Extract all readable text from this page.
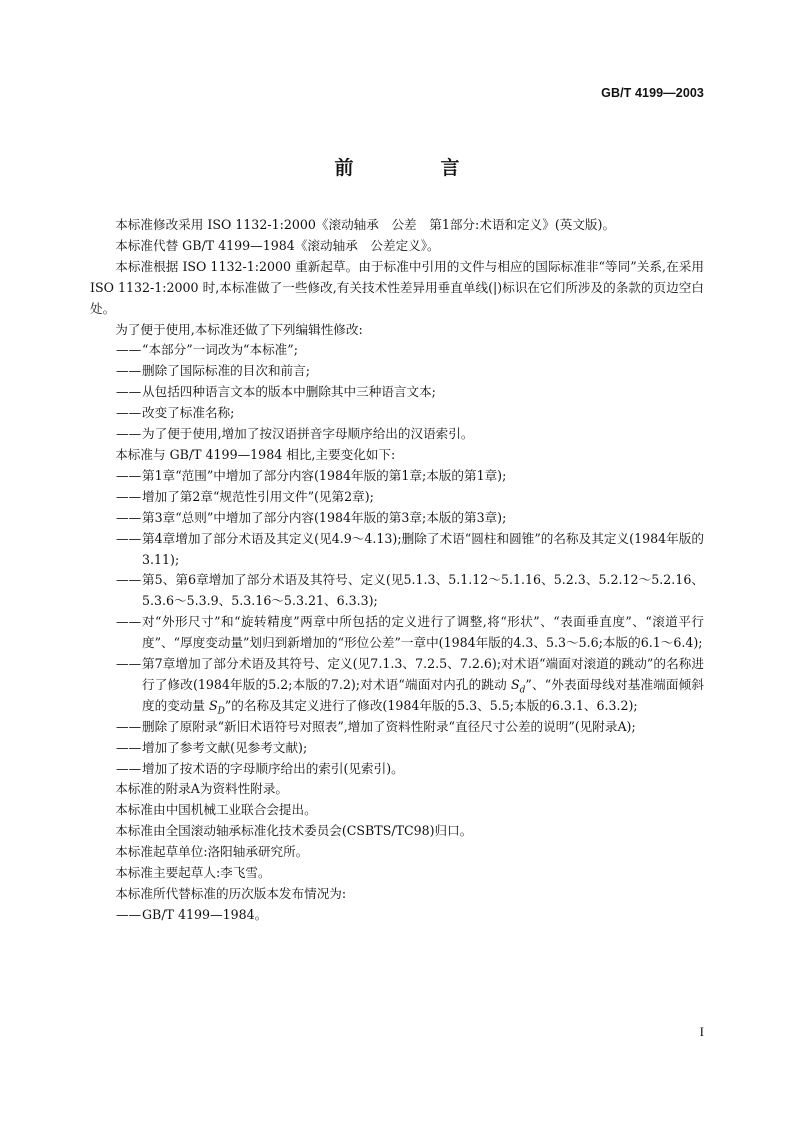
GB/T 4199—2003
前　言
本标准修改采用 ISO 1132-1:2000《滚动轴承　公差　第1部分:术语和定义》(英文版)。
本标准代替 GB/T 4199—1984《滚动轴承　公差定义》。
本标准根据 ISO 1132-1:2000 重新起草。由于标准中引用的文件与相应的国际标准非“等同”关系,在采用 ISO 1132-1:2000 时,本标准做了一些修改,有关技术性差异用垂直单线(|)标识在它们所涉及的条款的页边空白处。
为了便于使用,本标准还做了下列编辑性修改:
—— “本部分”一词改为“本标准”;
—— 删除了国际标准的目次和前言;
—— 从包括四种语言文本的版本中删除其中三种语言文本;
—— 改变了标准名称;
—— 为了便于使用,增加了按汉语拼音字母顺序给出的汉语索引。
本标准与 GB/T 4199—1984 相比,主要变化如下:
—— 第1章“范围”中增加了部分内容(1984年版的第1章;本版的第1章);
—— 增加了第2章“规范性引用文件”(见第2章);
—— 第3章“总则”中增加了部分内容(1984年版的第3章;本版的第3章);
—— 第4章增加了部分术语及其定义(见4.9～4.13);删除了术语“圆柱和圆锥”的名称及其定义(1984年版的3.11);
—— 第5、第6章增加了部分术语及其符号、定义(见5.1.3、5.1.12～5.1.16、5.2.3、5.2.12～5.2.16、5.3.6～5.3.9、5.3.16～5.3.21、6.3.3);
—— 对“外形尺寸”和“旋转精度”两章中所包括的定义进行了调整,将“形状”、“表面垂直度”、“滚道平行度”、“厚度变动量”划归到新增加的“形位公差”一章中(1984年版的4.3、5.3～5.6;本版的6.1～6.4);
—— 第7章增加了部分术语及其符号、定义(见7.1.3、7.2.5、7.2.6);对术语“端面对滚道的跳动”的名称进行了修改(1984年版的5.2;本版的7.2);对术语“端面对内孔的跳动 $S_d$”、“外表面母线对基准端面倾斜度的变动量 $S_D$”的名称及其定义进行了修改(1984年版的5.3、5.5;本版的6.3.1、6.3.2);
—— 删除了原附录“新旧术语符号对照表”,增加了资料性附录“直径尺寸公差的说明”(见附录A);
—— 增加了参考文献(见参考文献);
—— 增加了按术语的字母顺序给出的索引(见索引)。
本标准的附录A为资料性附录。
本标准由中国机械工业联合会提出。
本标准由全国滚动轴承标准化技术委员会(CSBTS/TC98)归口。
本标准起草单位:洛阳轴承研究所。
本标准主要起草人:李飞雪。
本标准所代替标准的历次版本发布情况为:
—— GB/T 4199—1984。
I
